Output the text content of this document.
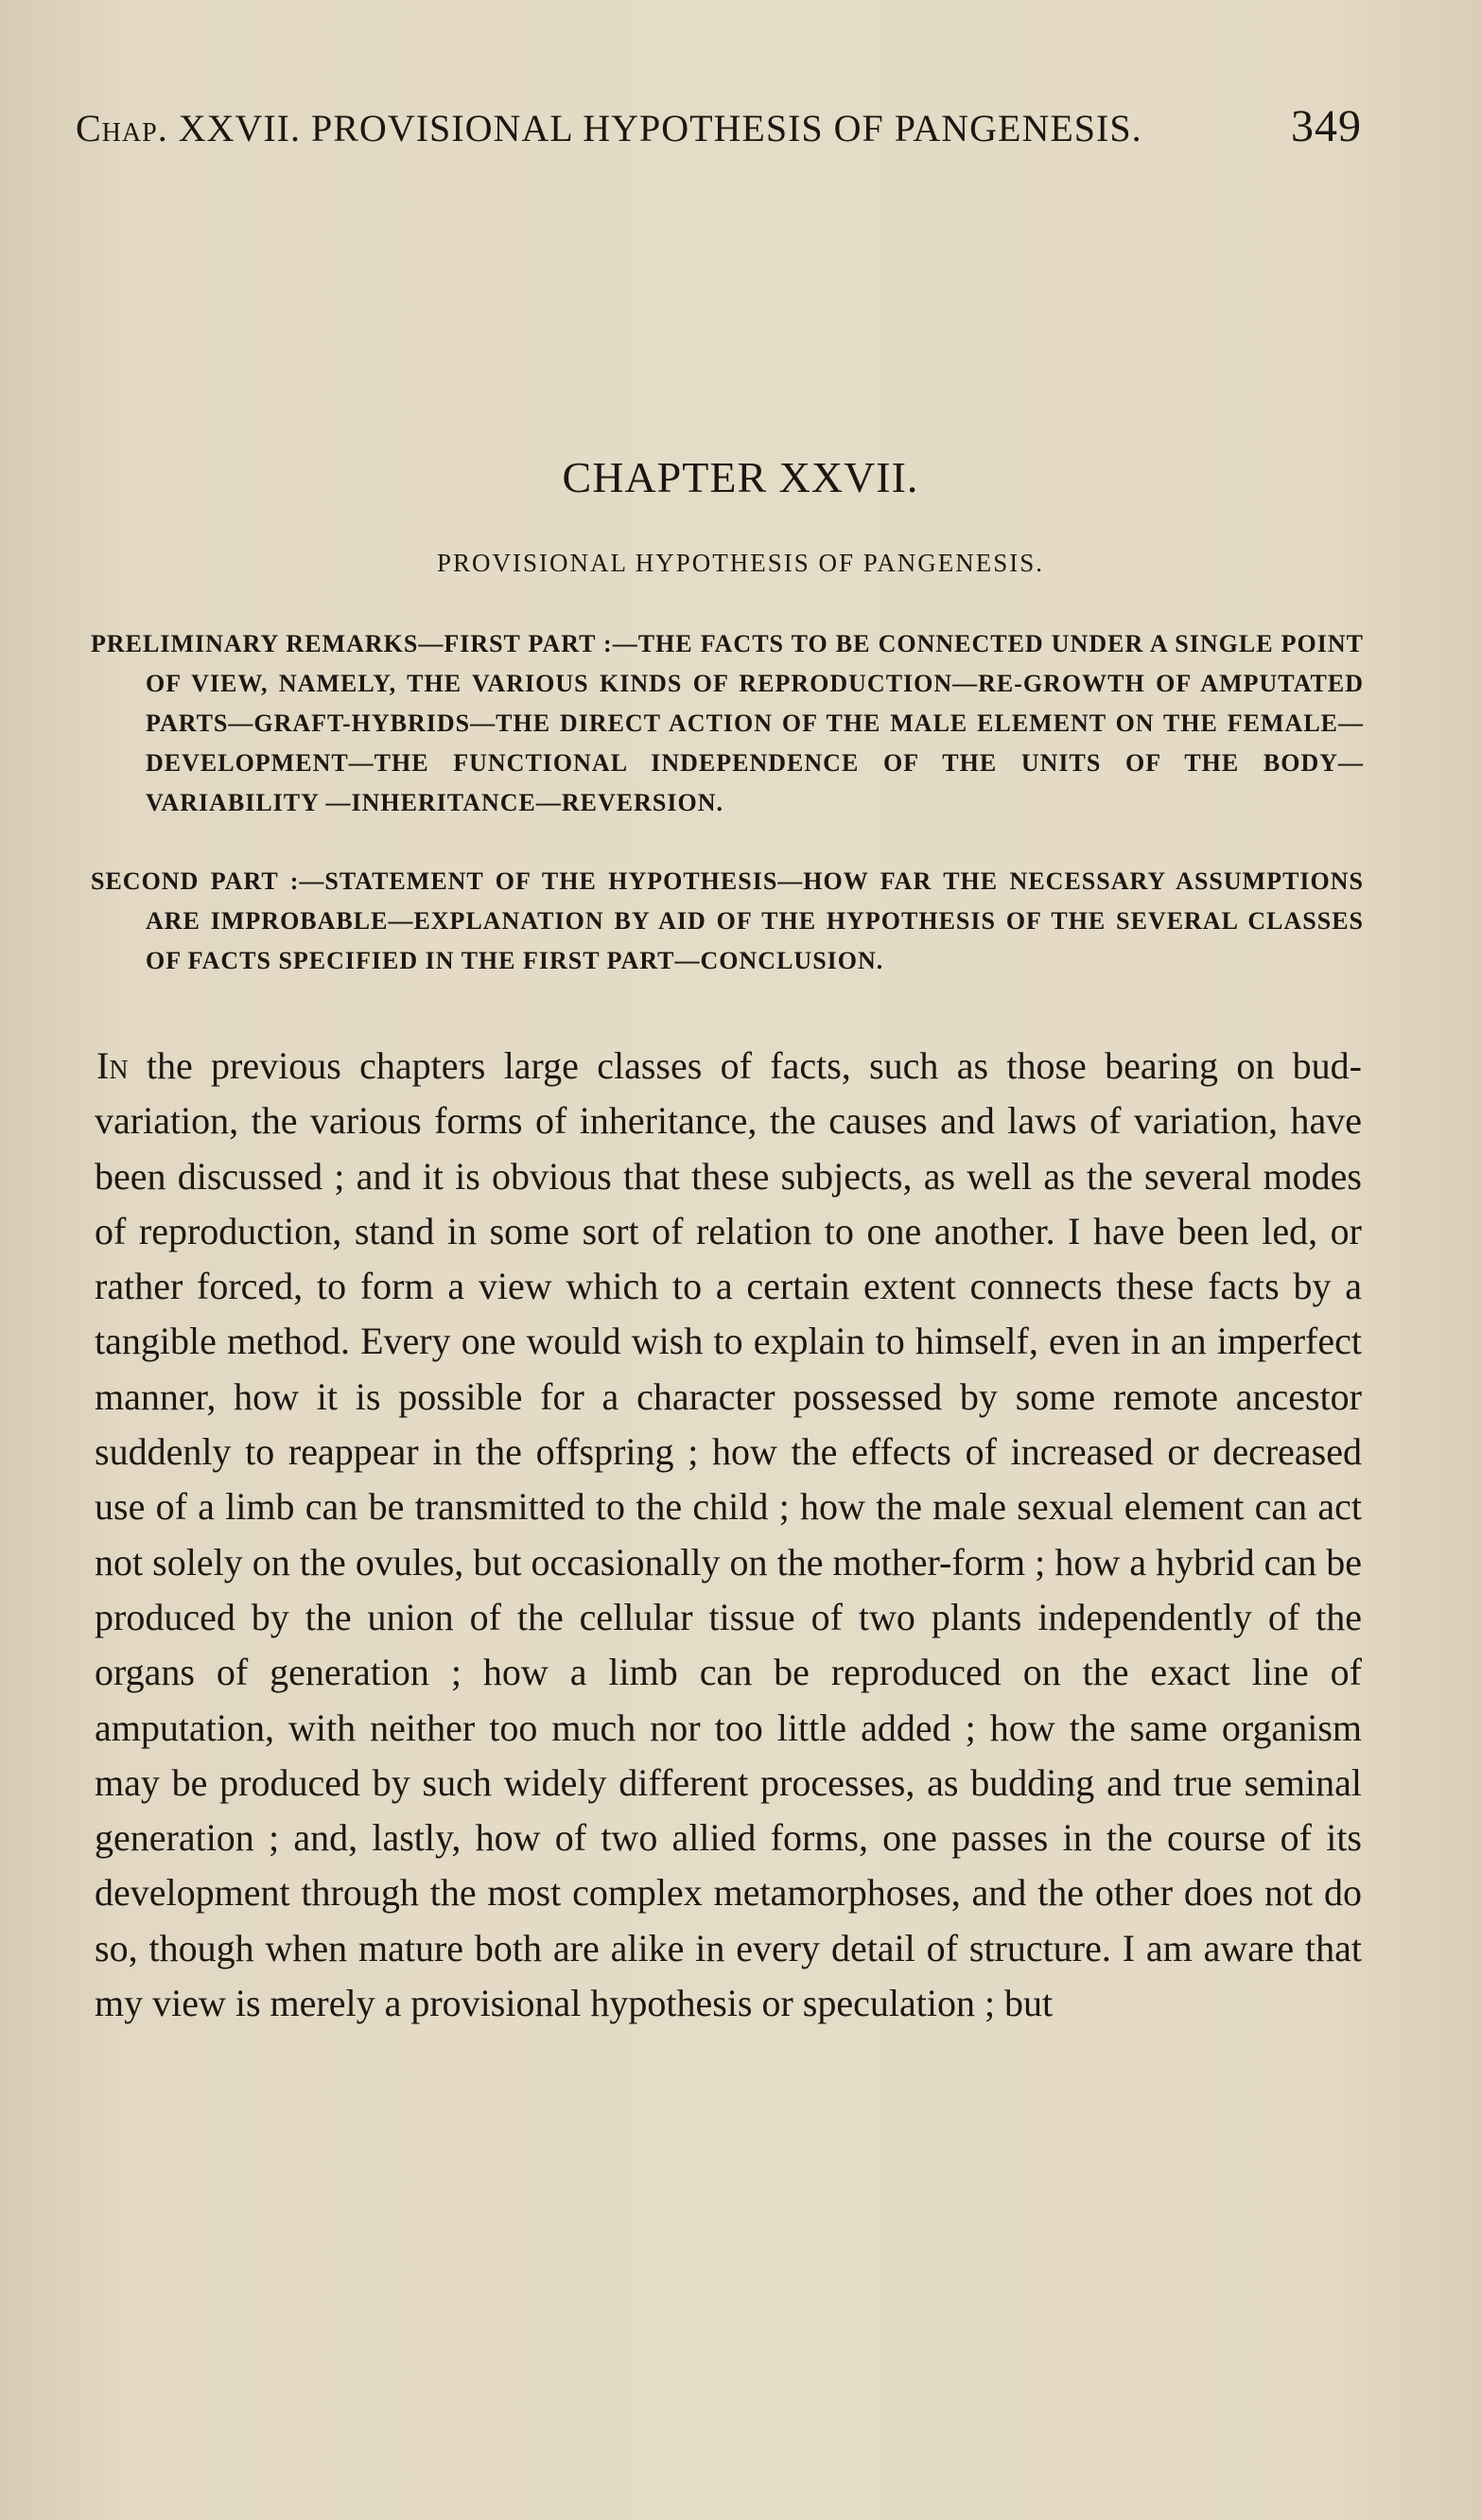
Chap. XXVII. PROVISIONAL HYPOTHESIS OF PANGENESIS.	349
CHAPTER XXVII.
PROVISIONAL HYPOTHESIS OF PANGENESIS.
PRELIMINARY REMARKS—FIRST PART :—THE FACTS TO BE CONNECTED UNDER A SINGLE POINT OF VIEW, NAMELY, THE VARIOUS KINDS OF REPRODUCTION—RE-GROWTH OF AMPUTATED PARTS—GRAFT-HYBRIDS—THE DIRECT ACTION OF THE MALE ELEMENT ON THE FEMALE—DEVELOPMENT—THE FUNCTIONAL INDEPENDENCE OF THE UNITS OF THE BODY—VARIABILITY —INHERITANCE—REVERSION.
SECOND PART :—STATEMENT OF THE HYPOTHESIS—HOW FAR THE NECESSARY ASSUMPTIONS ARE IMPROBABLE—EXPLANATION BY AID OF THE HYPOTHESIS OF THE SEVERAL CLASSES OF FACTS SPECIFIED IN THE FIRST PART—CONCLUSION.

In the previous chapters large classes of facts, such as those bearing on bud-variation, the various forms of inheritance, the causes and laws of variation, have been discussed ; and it is obvious that these subjects, as well as the several modes of reproduction, stand in some sort of relation to one another. I have been led, or rather forced, to form a view which to a certain extent connects these facts by a tangible method. Every one would wish to explain to himself, even in an imperfect manner, how it is possible for a character possessed by some remote ancestor suddenly to reappear in the offspring ; how the effects of increased or decreased use of a limb can be transmitted to the child ; how the male sexual element can act not solely on the ovules, but occasionally on the mother-form ; how a hybrid can be produced by the union of the cellular tissue of two plants independently of the organs of generation ; how a limb can be reproduced on the exact line of amputation, with neither too much nor too little added ; how the same organism may be produced by such widely different processes, as budding and true seminal generation ; and, lastly, how of two allied forms, one passes in the course of its development through the most complex metamorphoses, and the other does not do so, though when mature both are alike in every detail of structure. I am aware that my view is merely a provisional hypothesis or speculation ; but
